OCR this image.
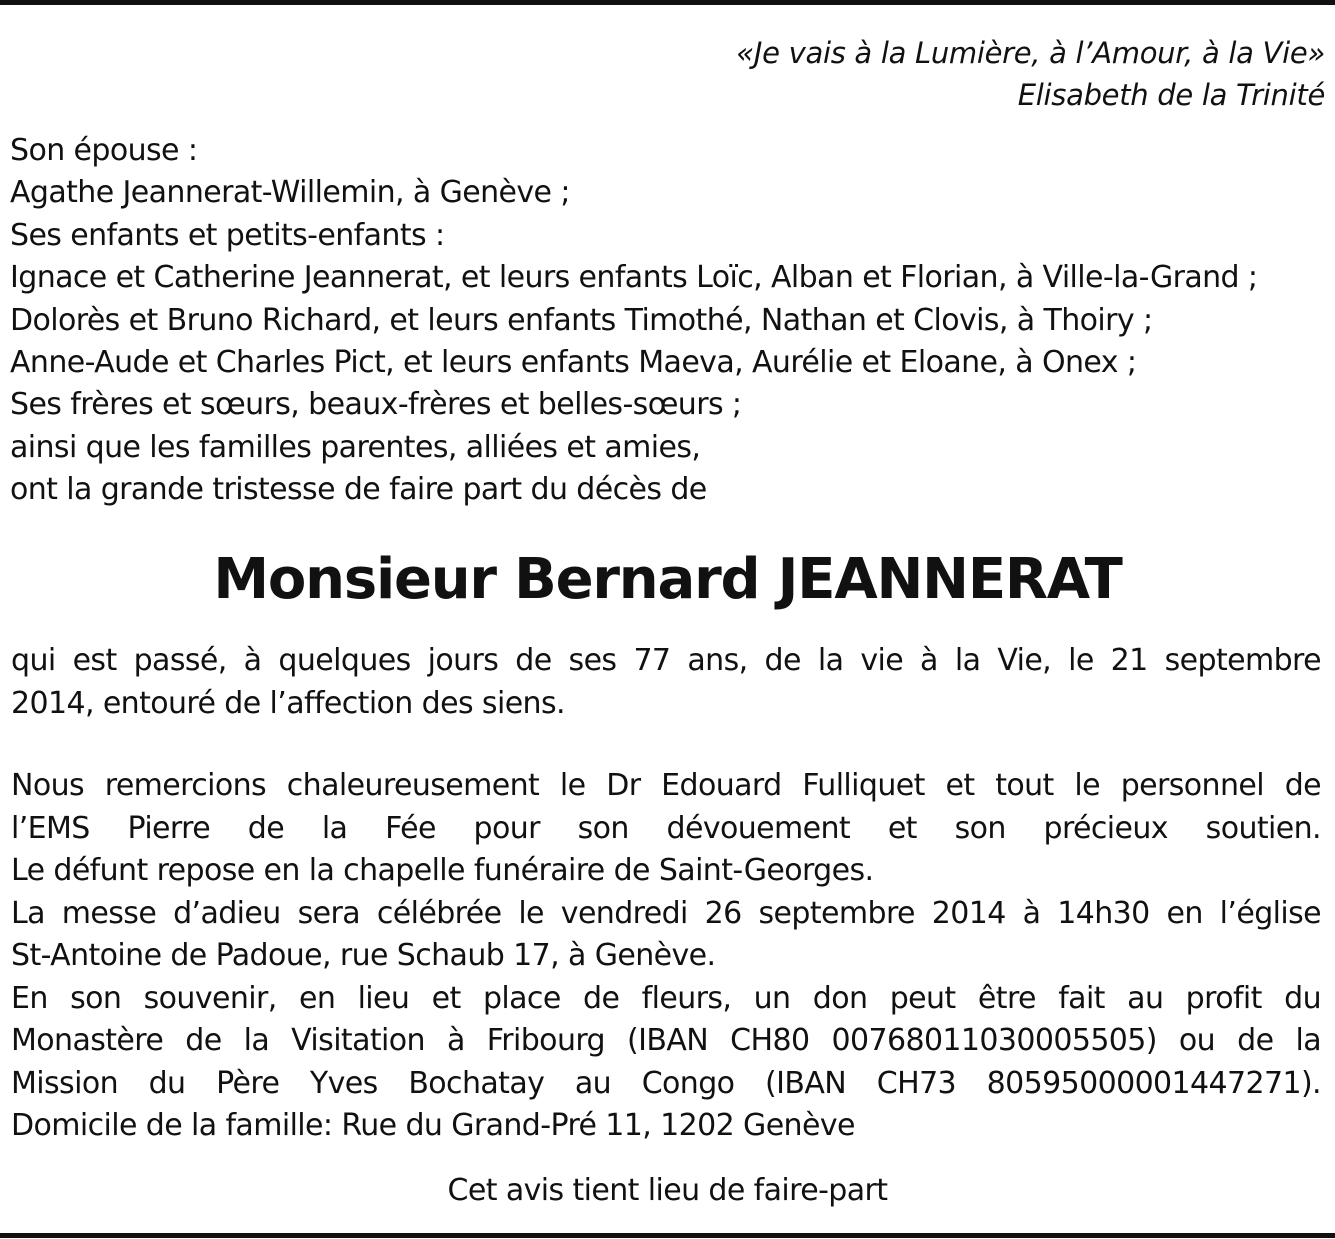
«Je vais à la Lumière, à l’Amour, à la Vie»
Elisabeth de la Trinité
Son épouse :
Agathe Jeannerat-Willemin, à Genève ;
Ses enfants et petits-enfants :
Ignace et Catherine Jeannerat, et leurs enfants Loïc, Alban et Florian, à Ville-la-Grand ;
Dolorès et Bruno Richard, et leurs enfants Timothé, Nathan et Clovis, à Thoiry ;
Anne-Aude et Charles Pict, et leurs enfants Maeva, Aurélie et Eloane, à Onex ;
Ses frères et sœurs, beaux-frères et belles-sœurs ;
ainsi que les familles parentes, alliées et amies,
ont la grande tristesse de faire part du décès de
Monsieur Bernard JEANNERAT
qui est passé, à quelques jours de ses 77 ans, de la vie à la Vie, le 21 septembre
2014, entouré de l’affection des siens.
Nous remercions chaleureusement le Dr Edouard Fulliquet et tout le personnel de
l’EMS Pierre de la Fée pour son dévouement et son précieux soutien.
Le défunt repose en la chapelle funéraire de Saint-Georges.
La messe d’adieu sera célébrée le vendredi 26 septembre 2014 à 14h30 en l’église
St-Antoine de Padoue, rue Schaub 17, à Genève.
En son souvenir, en lieu et place de fleurs, un don peut être fait au profit du
Monastère de la Visitation à Fribourg (IBAN CH80 00768011030005505) ou de la
Mission du Père Yves Bochatay au Congo (IBAN CH73 80595000001447271).
Domicile de la famille: Rue du Grand-Pré 11, 1202 Genève
Cet avis tient lieu de faire-part
